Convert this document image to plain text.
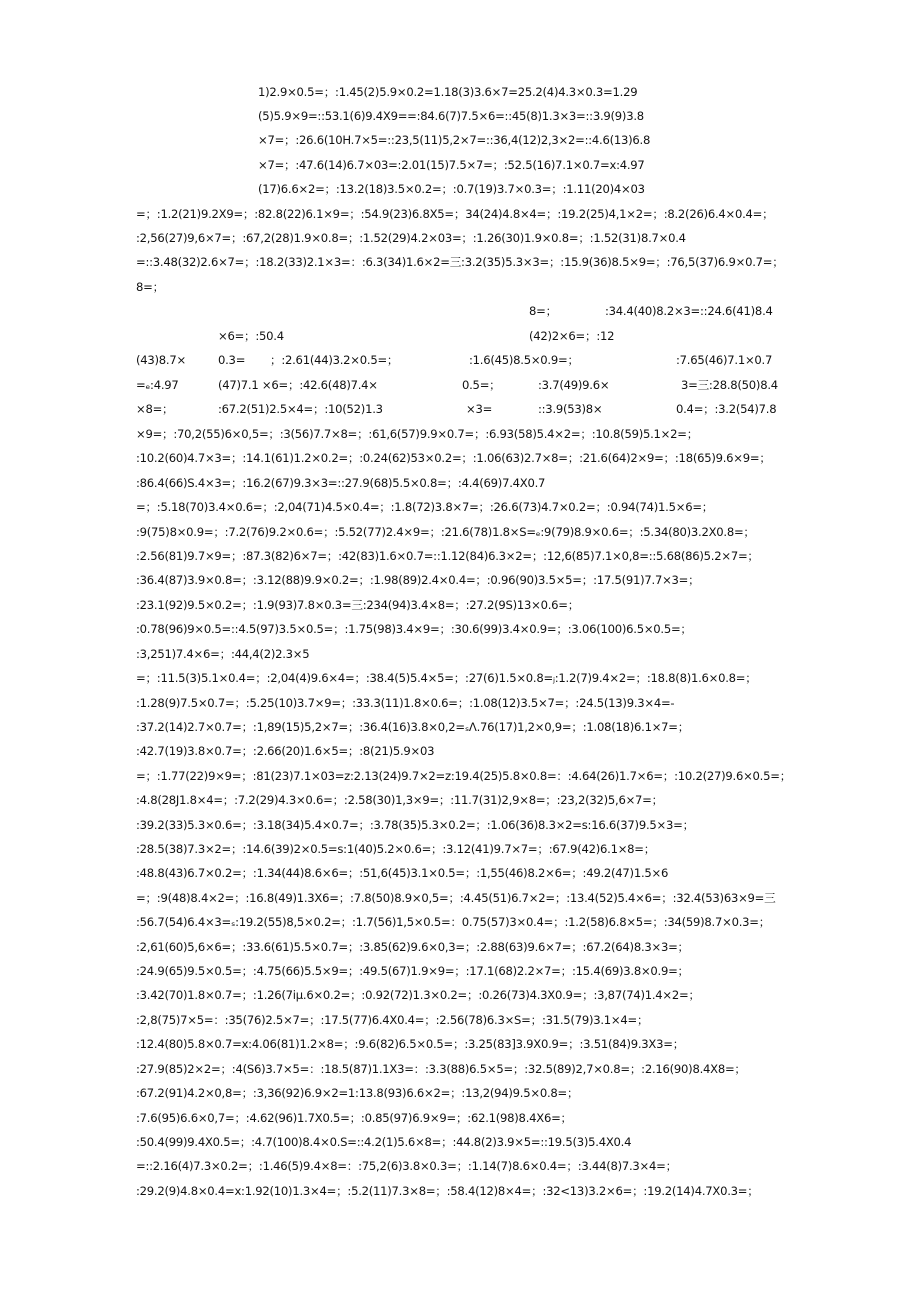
1)2.9×0.5=；:1.45(2)5.9×0.2=1.18(3)3.6×7=25.2(4)4.3×0.3=1.29
(5)5.9×9=::53.1(6)9.4X9==:84.6(7)7.5×6=::45(8)1.3×3=::3.9(9)3.8
×7=；:26.6(10H.7×5=::23,5(11)5,2×7=::36,4(12)2,3×2=::4.6(13)6.8
×7=；:47.6(14)6.7×03=:2.01(15)7.5×7=；:52.5(16)7.1×0.7=x:4.97
(17)6.6×2=；:13.2(18)3.5×0.2=；:0.7(19)3.7×0.3=；:1.11(20)4×03
=；:1.2(21)9.2X9=；:82.8(22)6.1×9=；:54.9(23)6.8X5=；34(24)4.8×4=；:19.2(25)4,1×2=；:8.2(26)6.4×0.4=；
:2,56(27)9,6×7=；:67,2(28)1.9×0.8=；:1.52(29)4.2×03=；:1.26(30)1.9×0.8=；:1.52(31)8.7×0.4
=::3.48(32)2.6×7=；:18.2(33)2.1×3=：:6.3(34)1.6×2=三:3.2(35)5.3×3=；:15.9(36)8.5×9=；:76,5(37)6.9×0.7=；
8=；
8=；	:34.4(40)8.2×3=::24.6(41)8.4
×6=；:50.4	(42)2×6=；:12
(43)8.7×	0.3= ；:2.61(44)3.2×0.5=；	:1.6(45)8.5×0.9=；	:7.65(46)7.1×0.7
=ₑ:4.97	(47)7.1 ×6=；:42.6(48)7.4×	0.5=；	:3.7(49)9.6×	3=三:28.8(50)8.4
×8=；	:67.2(51)2.5×4=；:10(52)1.3	×3=	::3.9(53)8×	0.4=；:3.2(54)7.8
×9=；:70,2(55)6×0,5=；:3(56)7.7×8=；:61,6(57)9.9×0.7=；:6.93(58)5.4×2=；:10.8(59)5.1×2=；
:10.2(60)4.7×3=；:14.1(61)1.2×0.2=；:0.24(62)53×0.2=；:1.06(63)2.7×8=；:21.6(64)2×9=；:18(65)9.6×9=；
:86.4(66)S.4×3=；:16.2(67)9.3×3=::27.9(68)5.5×0.8=；:4.4(69)7.4X0.7
=；:5.18(70)3.4×0.6=；:2,04(71)4.5×0.4=；:1.8(72)3.8×7=；:26.6(73)4.7×0.2=；:0.94(74)1.5×6=；
:9(75)8×0.9=；:7.2(76)9.2×0.6=；:5.52(77)2.4×9=；:21.6(78)1.8×S=ₑ:9(79)8.9×0.6=；:5.34(80)3.2X0.8=；
:2.56(81)9.7×9=；:87.3(82)6×7=；:42(83)1.6×0.7=::1.12(84)6.3×2=；:12,6(85)7.1×0,8=::5.68(86)5.2×7=；
:36.4(87)3.9×0.8=；:3.12(88)9.9×0.2=；:1.98(89)2.4×0.4=；:0.96(90)3.5×5=；:17.5(91)7.7×3=；
:23.1(92)9.5×0.2=；:1.9(93)7.8×0.3=三:234(94)3.4×8=；:27.2(9S)13×0.6=；
:0.78(96)9×0.5=::4.5(97)3.5×0.5=；:1.75(98)3.4×9=；:30.6(99)3.4×0.9=；:3.06(100)6.5×0.5=；
:3,251)7.4×6=；:44,4(2)2.3×5
=；:11.5(3)5.1×0.4=；:2,04(4)9.6×4=；:38.4(5)5.4×5=；:27(6)1.5×0.8=ⱼ:1.2(7)9.4×2=；:18.8(8)1.6×0.8=；
:1.28(9)7.5×0.7=；:5.25(10)3.7×9=；:33.3(11)1.8×0.6=；:1.08(12)3.5×7=；:24.5(13)9.3×4=-
:37.2(14)2.7×0.7=；:1,89(15)5,2×7=；:36.4(16)3.8×0,2=ₛΛ.76(17)1,2×0,9=；:1.08(18)6.1×7=；
:42.7(19)3.8×0.7=；:2.66(20)1.6×5=；:8(21)5.9×03
=；:1.77(22)9×9=；:81(23)7.1×03=z:2.13(24)9.7×2=z:19.4(25)5.8×0.8=：:4.64(26)1.7×6=；:10.2(27)9.6×0.5=；
:4.8(28J1.8×4=；:7.2(29)4.3×0.6=；:2.58(30)1,3×9=；:11.7(31)2,9×8=；:23,2(32)5,6×7=；
:39.2(33)5.3×0.6=；:3.18(34)5.4×0.7=；:3.78(35)5.3×0.2=；:1.06(36)8.3×2=s:16.6(37)9.5×3=；
:28.5(38)7.3×2=；:14.6(39)2×0.5=s:1(40)5.2×0.6=；:3.12(41)9.7×7=；:67.9(42)6.1×8=；
:48.8(43)6.7×0.2=；:1.34(44)8.6×6=；:51,6(45)3.1×0.5=；:1,55(46)8.2×6=；:49.2(47)1.5×6
=；:9(48)8.4×2=；:16.8(49)1.3X6=；:7.8(50)8.9×0,5=；:4.45(51)6.7×2=；:13.4(52)5.4×6=；:32.4(53)63×9=三
:56.7(54)6.4×3=ₛ:19.2(55)8,5×0.2=；:1.7(56)1,5×0.5=：0.75(57)3×0.4=；:1.2(58)6.8×5=；:34(59)8.7×0.3=；
:2,61(60)5,6×6=；:33.6(61)5.5×0.7=；:3.85(62)9.6×0,3=；:2.88(63)9.6×7=；:67.2(64)8.3×3=；
:24.9(65)9.5×0.5=；:4.75(66)5.5×9=；:49.5(67)1.9×9=；:17.1(68)2.2×7=；:15.4(69)3.8×0.9=；
:3.42(70)1.8×0.7=；:1.26(7ⅰμ.6×0.2=；:0.92(72)1.3×0.2=；:0.26(73)4.3X0.9=；:3,87(74)1.4×2=；
:2,8(75)7×5=：:35(76)2.5×7=；:17.5(77)6.4X0.4=；:2.56(78)6.3×S=；:31.5(79)3.1×4=；
:12.4(80)5.8×0.7=x:4.06(81)1.2×8=；:9.6(82)6.5×0.5=；:3.25(83]3.9X0.9=；:3.51(84)9.3X3=；
:27.9(85)2×2=；:4(S6)3.7×5=：:18.5(87)1.1X3=：:3.3(88)6.5×5=；:32.5(89)2,7×0.8=；:2.16(90)8.4X8=；
:67.2(91)4.2×0,8=；:3,36(92)6.9×2=1:13.8(93)6.6×2=；:13,2(94)9.5×0.8=；
:7.6(95)6.6×0,7=；:4.62(96)1.7X0.5=；:0.85(97)6.9×9=；:62.1(98)8.4X6=；
:50.4(99)9.4X0.5=；:4.7(100)8.4×0.S=::4.2(1)5.6×8=；:44.8(2)3.9×5=::19.5(3)5.4X0.4
=::2.16(4)7.3×0.2=；:1.46(5)9.4×8=：:75,2(6)3.8×0.3=；:1.14(7)8.6×0.4=；:3.44(8)7.3×4=；
:29.2(9)4.8×0.4=x:1.92(10)1.3×4=；:5.2(11)7.3×8=；:58.4(12)8×4=；:32<13)3.2×6=；:19.2(14)4.7X0.3=；
